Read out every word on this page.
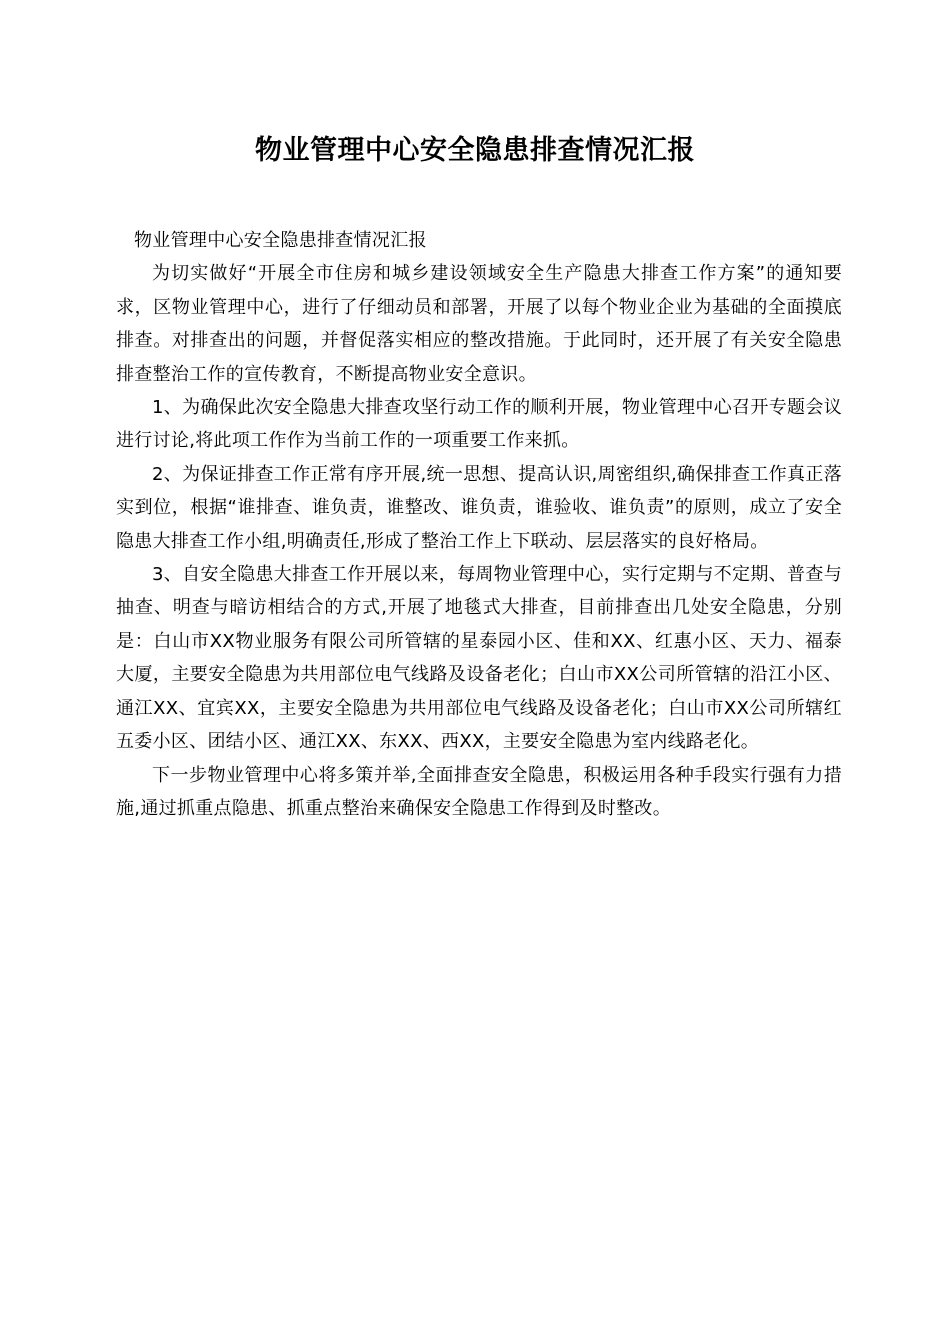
物业管理中心安全隐患排查情况汇报

物业管理中心安全隐患排查情况汇报

为切实做好“开展全市住房和城乡建设领域安全生产隐患大排查工作方案”的通知要求，区物业管理中心，进行了仔细动员和部署，开展了以每个物业企业为基础的全面摸底排查。对排查出的问题，并督促落实相应的整改措施。于此同时，还开展了有关安全隐患排查整治工作的宣传教育，不断提高物业安全意识。

1、为确保此次安全隐患大排查攻坚行动工作的顺利开展，物业管理中心召开专题会议进行讨论,将此项工作作为当前工作的一项重要工作来抓。

2、为保证排查工作正常有序开展,统一思想、提高认识,周密组织,确保排查工作真正落实到位，根据“谁排查、谁负责，谁整改、谁负责，谁验收、谁负责”的原则，成立了安全隐患大排查工作小组,明确责任,形成了整治工作上下联动、层层落实的良好格局。

3、自安全隐患大排查工作开展以来，每周物业管理中心，实行定期与不定期、普查与抽查、明查与暗访相结合的方式,开展了地毯式大排查，目前排查出几处安全隐患，分别是：白山市XX物业服务有限公司所管辖的星泰园小区、佳和XX、红惠小区、天力、福泰大厦，主要安全隐患为共用部位电气线路及设备老化；白山市XX公司所管辖的沿江小区、通江XX、宜宾XX，主要安全隐患为共用部位电气线路及设备老化；白山市XX公司所辖红五委小区、团结小区、通江XX、东XX、西XX，主要安全隐患为室内线路老化。

下一步物业管理中心将多策并举,全面排查安全隐患，积极运用各种手段实行强有力措施,通过抓重点隐患、抓重点整治来确保安全隐患工作得到及时整改。
